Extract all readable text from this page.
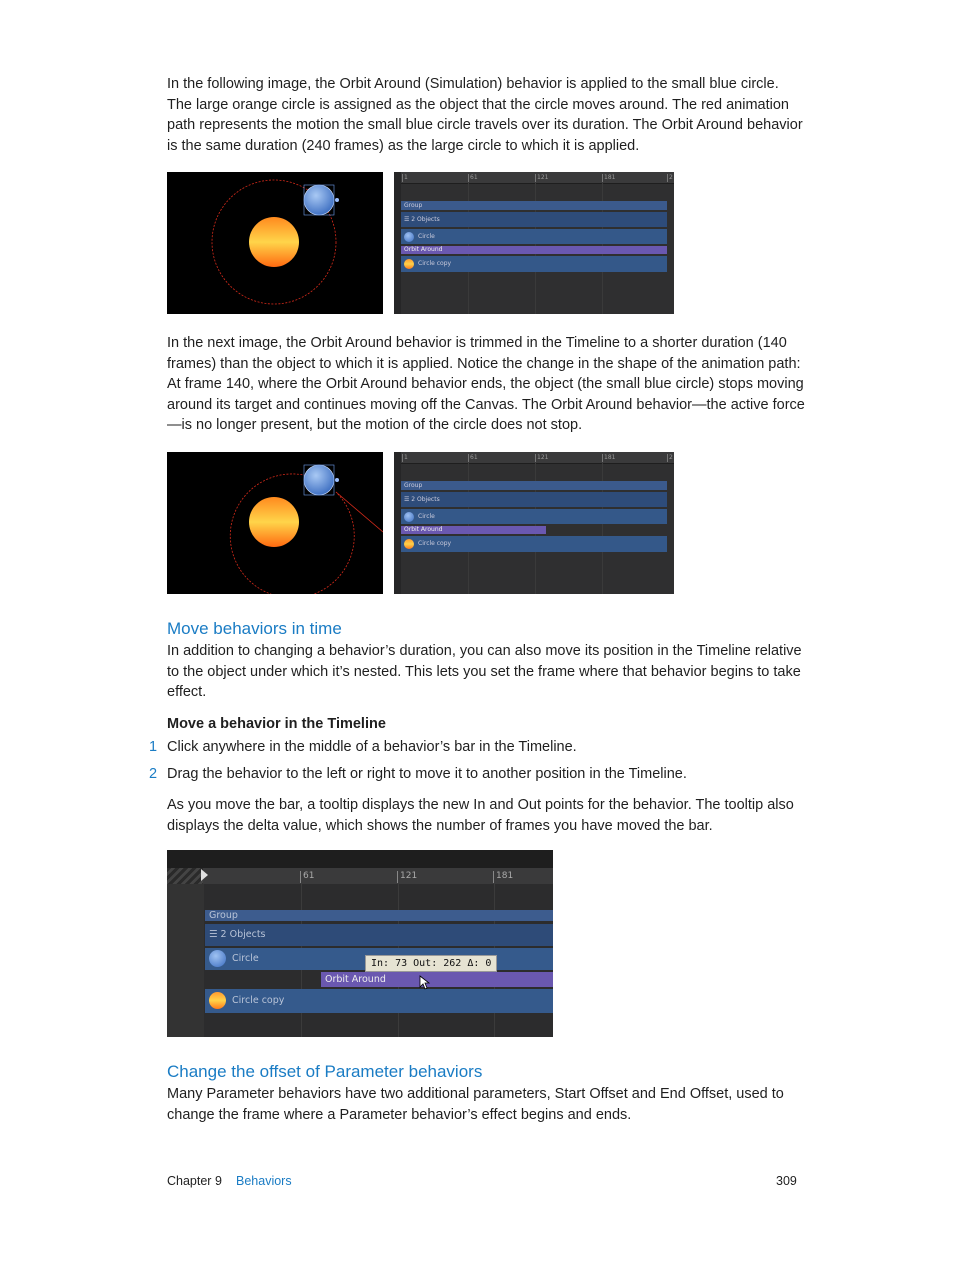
In the following image, the Orbit Around (Simulation) behavior is applied to the small blue circle. The large orange circle is assigned as the object that the circle moves around. The red animation path represents the motion the small blue circle travels over its duration. The Orbit Around behavior is the same duration (240 frames) as the large circle to which it is applied.

1	61	121	181	2
Group
☰ 2 Objects
Circle
Orbit Around
Circle copy

In the next image, the Orbit Around behavior is trimmed in the Timeline to a shorter duration (140 frames) than the object to which it is applied. Notice the change in the shape of the animation path: At frame 140, where the Orbit Around behavior ends, the object (the small blue circle) stops moving around its target and continues moving off the Canvas. The Orbit Around behavior—the active force—is no longer present, but the motion of the circle does not stop.

1	61	121	181	2
Group
☰ 2 Objects
Circle
Orbit Around
Circle copy
Move behaviors in time

In addition to changing a behavior’s duration, you can also move its position in the Timeline relative to the object under which it’s nested. This lets you set the frame where that behavior begins to take effect.

Move a behavior in the Timeline
1 Click anywhere in the middle of a behavior’s bar in the Timeline.
2 Drag the behavior to the left or right to move it to another position in the Timeline.

As you move the bar, a tooltip displays the new In and Out points for the behavior. The tooltip also displays the delta value, which shows the number of frames you have moved the bar.

61	121	181
Group
☰ 2 Objects
Circle
Orbit Around
Circle copy
In: 73 Out: 262 Δ: 0
Change the offset of Parameter behaviors

Many Parameter behaviors have two additional parameters, Start Offset and End Offset, used to change the frame where a Parameter behavior’s effect begins and ends.

Chapter 9 Behaviors	309
